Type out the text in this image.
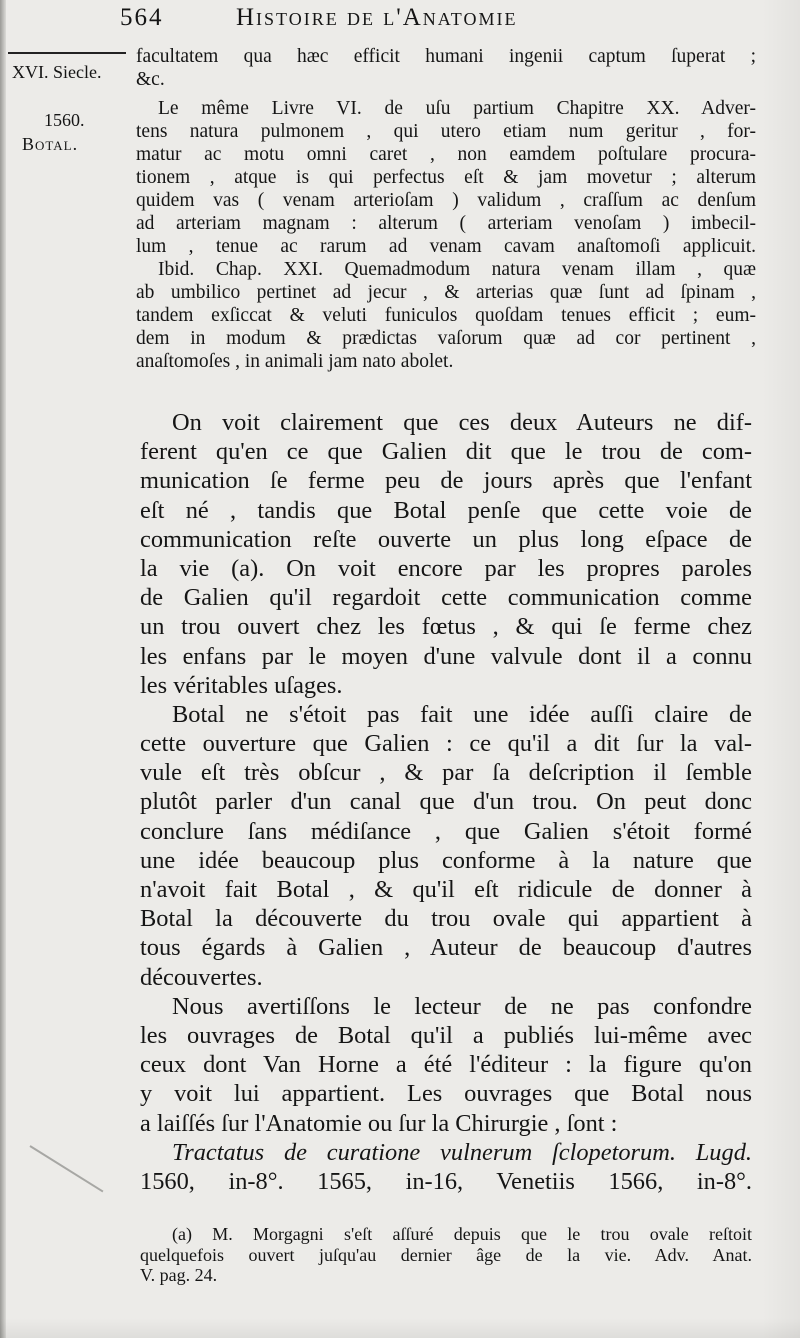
564	Histoire de l'Anatomie
XVI. Siecle.
1560.
Botal.
facultatem qua hæc efficit humani ingenii captum ſuperat ;
&c.
Le même Livre VI. de uſu partium Chapitre XX. Adver-
tens natura pulmonem , qui utero etiam num geritur , for-
matur ac motu omni caret , non eamdem poſtulare procura-
tionem , atque is qui perfectus eſt & jam movetur ; alterum
quidem vas ( venam arterioſam ) validum , craſſum ac denſum
ad arteriam magnam : alterum ( arteriam venoſam ) imbecil-
lum , tenue ac rarum ad venam cavam anaſtomoſi applicuit.
Ibid. Chap. XXI. Quemadmodum natura venam illam , quæ
ab umbilico pertinet ad jecur , & arterias quæ ſunt ad ſpinam ,
tandem exſiccat & veluti funiculos quoſdam tenues efficit ; eum-
dem in modum & prædictas vaſorum quæ ad cor pertinent ,
anaſtomoſes , in animali jam nato abolet.
On voit clairement que ces deux Auteurs ne dif-
ferent qu'en ce que Galien dit que le trou de com-
munication ſe ferme peu de jours après que l'enfant
eſt né , tandis que Botal penſe que cette voie de
communication reſte ouverte un plus long eſpace de
la vie (a). On voit encore par les propres paroles
de Galien qu'il regardoit cette communication comme
un trou ouvert chez les fœtus , & qui ſe ferme chez
les enfans par le moyen d'une valvule dont il a connu
les véritables uſages.
Botal ne s'étoit pas fait une idée auſſi claire de
cette ouverture que Galien : ce qu'il a dit ſur la val-
vule eſt très obſcur , & par ſa deſcription il ſemble
plutôt parler d'un canal que d'un trou. On peut donc
conclure ſans médiſance , que Galien s'étoit formé
une idée beaucoup plus conforme à la nature que
n'avoit fait Botal , & qu'il eſt ridicule de donner à
Botal la découverte du trou ovale qui appartient à
tous égards à Galien , Auteur de beaucoup d'autres
découvertes.
Nous avertiſſons le lecteur de ne pas confondre
les ouvrages de Botal qu'il a publiés lui-même avec
ceux dont Van Horne a été l'éditeur : la figure qu'on
y voit lui appartient. Les ouvrages que Botal nous
a laiſſés ſur l'Anatomie ou ſur la Chirurgie , ſont :
Tractatus de curatione vulnerum ſclopetorum. Lugd.
1560, in-8°. 1565, in-16, Venetiis 1566, in-8°.
(a) M. Morgagni s'eſt aſſuré depuis que le trou ovale reſtoit
quelquefois ouvert juſqu'au dernier âge de la vie. Adv. Anat.
V. pag. 24.
